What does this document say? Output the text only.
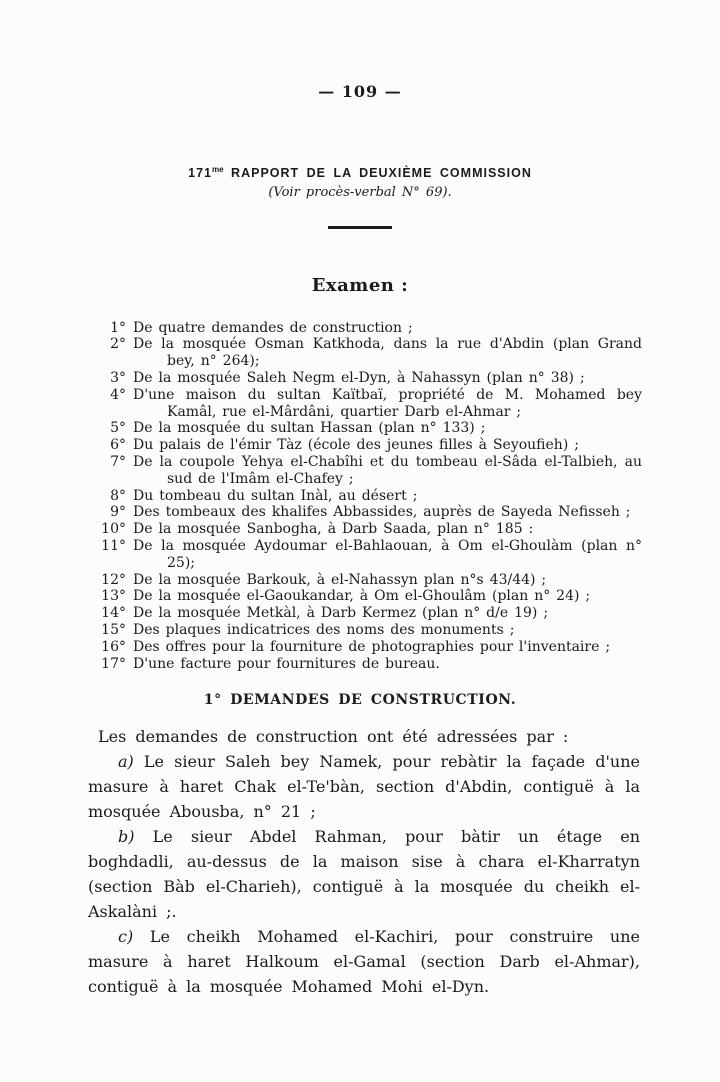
— 109 —
$171^{me}$ RAPPORT DE LA DEUXIÈME COMMISSION
(Voir procès-verbal N° 69).
Examen :
1° De quatre demandes de construction ;
2° De la mosquée Osman Katkhoda, dans la rue d'Abdin (plan Grand bey, n° 264);
3° De la mosquée Saleh Negm el-Dyn, à Nahassyn (plan n° 38) ;
4° D'une maison du sultan Kaïtbaï, propriété de M. Mohamed bey Kamâl, rue el-Mârdâni, quartier Darb el-Ahmar ;
5° De la mosquée du sultan Hassan (plan n° 133) ;
6° Du palais de l'émir Tàz (école des jeunes filles à Seyoufieh) ;
7° De la coupole Yehya el-Chabîhi et du tombeau el-Sâda el-Talbieh, au sud de l'Imâm el-Chafey ;
8° Du tombeau du sultan Inàl, au désert ;
9° Des tombeaux des khalifes Abbassides, auprès de Sayeda Nefisseh ;
10° De la mosquée Sanbogha, à Darb Saada, plan n° 185 :
11° De la mosquée Aydoumar el-Bahlaouan, à Om el-Ghoulàm (plan n° 25);
12° De la mosquée Barkouk, à el-Nahassyn plan n°s 43/44) ;
13° De la mosquée el-Gaoukandar, à Om el-Ghoulâm (plan n° 24) ;
14° De la mosquée Metkàl, à Darb Kermez (plan n° d/e 19) ;
15° Des plaques indicatrices des noms des monuments ;
16° Des offres pour la fourniture de photographies pour l'inventaire ;
17° D'une facture pour fournitures de bureau.
1° DEMANDES DE CONSTRUCTION.

Les demandes de construction ont été adressées par :

a) Le sieur Saleh bey Namek, pour rebàtir la façade d'une masure à haret Chak el-Te'bàn, section d'Abdin, contiguë à la mosquée Abousba, n° 21 ;

b) Le sieur Abdel Rahman, pour bàtir un étage en boghdadli, au-dessus de la maison sise à chara el-Kharratyn (section Bàb el-Charieh), contiguë à la mosquée du cheikh el-Askalàni ;.

c) Le cheikh Mohamed el-Kachiri, pour construire une masure à haret Halkoum el-Gamal (section Darb el-Ahmar), contiguë à la mosquée Mohamed Mohi el-Dyn.
